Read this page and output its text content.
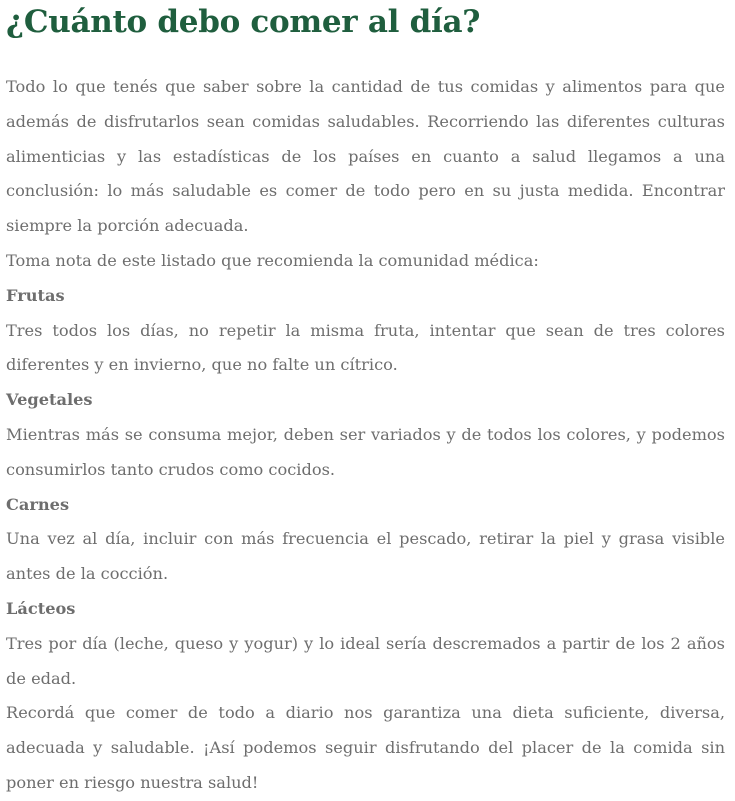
¿Cuánto debo comer al día?

Todo lo que tenés que saber sobre la cantidad de tus comidas y alimentos para que además de disfrutarlos sean comidas saludables. Recorriendo las diferentes culturas alimenticias y las estadísticas de los países en cuanto a salud llegamos a una conclusión: lo más saludable es comer de todo pero en su justa medida. Encontrar siempre la porción adecuada.

Toma nota de este listado que recomienda la comunidad médica:

Frutas

Tres todos los días, no repetir la misma fruta, intentar que sean de tres colores diferentes y en invierno, que no falte un cítrico.

Vegetales

Mientras más se consuma mejor, deben ser variados y de todos los colores, y podemos consumirlos tanto crudos como cocidos.

Carnes

Una vez al día, incluir con más frecuencia el pescado, retirar la piel y grasa visible antes de la cocción.

Lácteos

Tres por día (leche, queso y yogur) y lo ideal sería descremados a partir de los 2 años de edad.

Recordá que comer de todo a diario nos garantiza una dieta suficiente, diversa, adecuada y saludable. ¡Así podemos seguir disfrutando del placer de la comida sin poner en riesgo nuestra salud!
